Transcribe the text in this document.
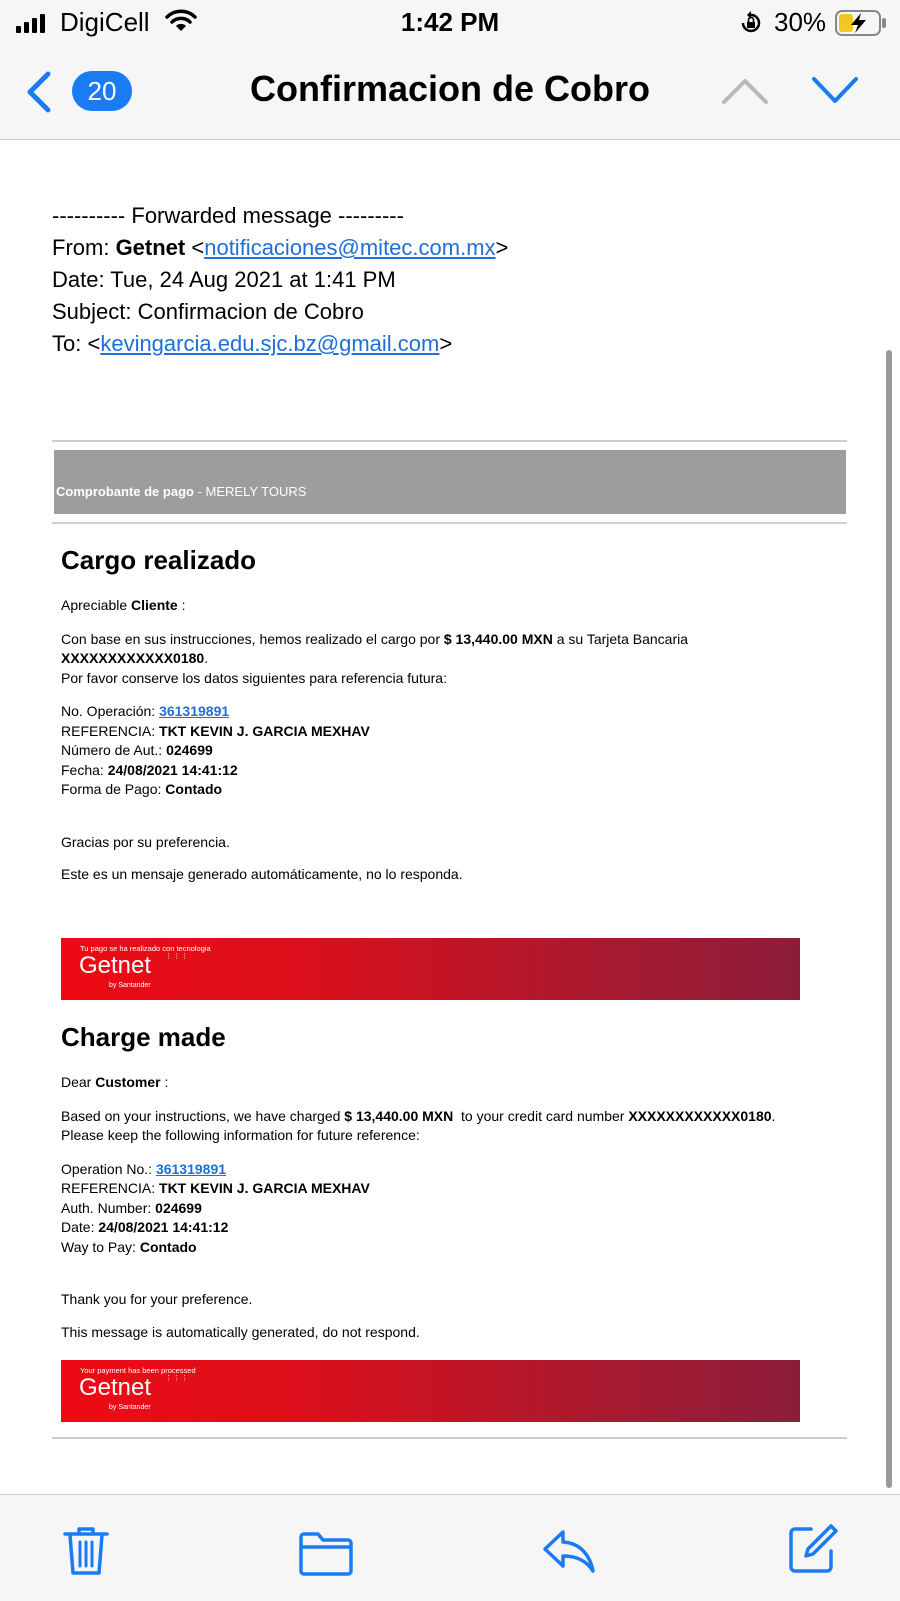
DigiCell	1:42 PM	30%
20	Confirmacion de Cobro
---------- Forwarded message ---------
From: Getnet <notificaciones@mitec.com.mx>
Date: Tue, 24 Aug 2021 at 1:41 PM
Subject: Confirmacion de Cobro
To: <kevingarcia.edu.sjc.bz@gmail.com>
Comprobante de pago - MERELY TOURS
Cargo realizado

Apreciable Cliente :

Con base en sus instrucciones, hemos realizado el cargo por $ 13,440.00 MXN a su Tarjeta Bancaria
XXXXXXXXXXXX0180.
Por favor conserve los datos siguientes para referencia futura:

No. Operación: 361319891
REFERENCIA: TKT KEVIN J. GARCIA MEXHAV
Número de Aut.: 024699
Fecha: 24/08/2021 14:41:12
Forma de Pago: Contado

Gracias por su preferencia.

Este es un mensaje generado automáticamente, no lo responda.

Tu pago se ha realizado con tecnologia
Getnet ⋮⋮⋮
by Santander
Charge made

Dear Customer :

Based on your instructions, we have charged $ 13,440.00 MXN  to your credit card number XXXXXXXXXXXX0180.
Please keep the following information for future reference:

Operation No.: 361319891
REFERENCIA: TKT KEVIN J. GARCIA MEXHAV
Auth. Number: 024699
Date: 24/08/2021 14:41:12
Way to Pay: Contado

Thank you for your preference.

This message is automatically generated, do not respond.

Your payment has been processed
Getnet ⋮⋮⋮
by Santander
